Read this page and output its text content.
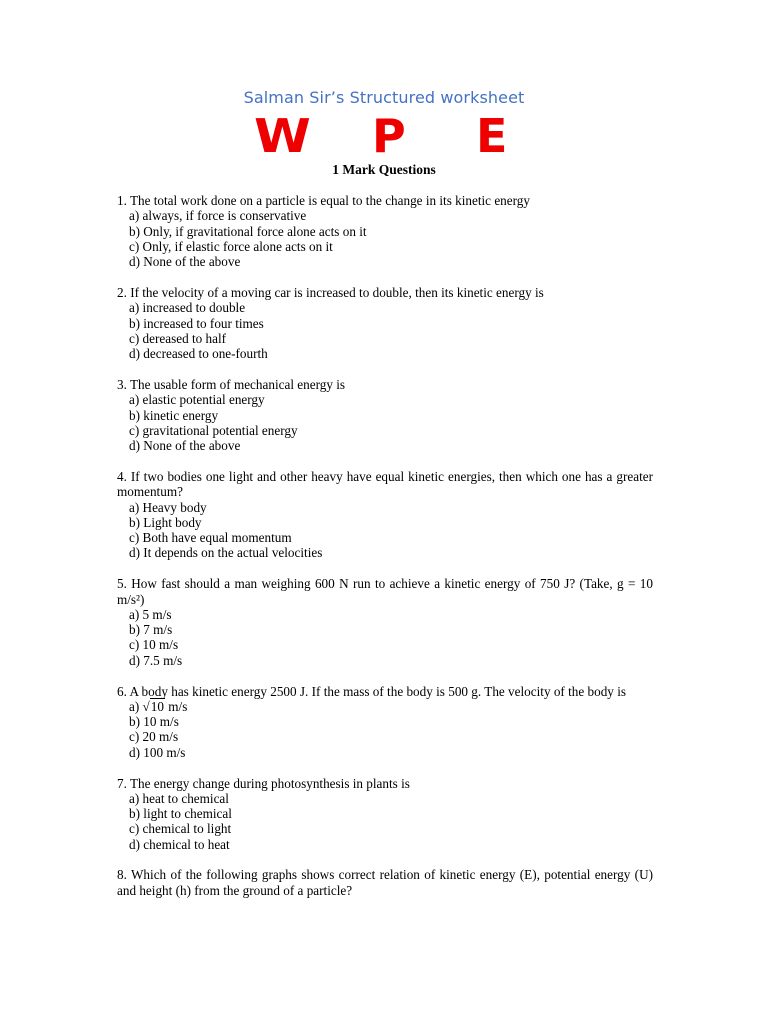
Salman Sir’s Structured worksheet
W P E
1 Mark Questions
1. The total work done on a particle is equal to the change in its kinetic energy
a) always, if force is conservative
b) Only, if gravitational force alone acts on it
c) Only, if elastic force alone acts on it
d) None of the above
2. If the velocity of a moving car is increased to double, then its kinetic energy is
a) increased to double
b) increased to four times
c) dereased to half
d) decreased to one-fourth
3. The usable form of mechanical energy is
a) elastic potential energy
b) kinetic energy
c) gravitational potential energy
d) None of the above
4. If two bodies one light and other heavy have equal kinetic energies, then which one has a greater momentum?
a) Heavy body
b) Light body
c) Both have equal momentum
d) It depends on the actual velocities
5. How fast should a man weighing 600 N run to achieve a kinetic energy of 750 J? (Take, g = 10 m/s²)
a) 5 m/s
b) 7 m/s
c) 10 m/s
d) 7.5 m/s
6. A body has kinetic energy 2500 J. If the mass of the body is 500 g. The velocity of the body is
a) √10 m/s
b) 10 m/s
c) 20 m/s
d) 100 m/s
7. The energy change during photosynthesis in plants is
a) heat to chemical
b) light to chemical
c) chemical to light
d) chemical to heat
8. Which of the following graphs shows correct relation of kinetic energy (E), potential energy (U) and height (h) from the ground of a particle?
